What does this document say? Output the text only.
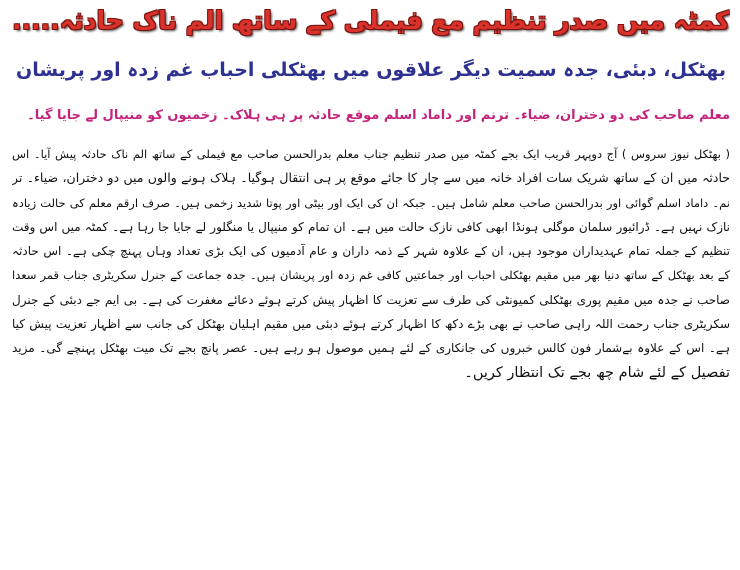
کمٹہ میں صدر تنظیم مع فیملی کے ساتھ الم ناک حادثہ.....
بھٹکل، دبئی، جدہ سمیت دیگر علاقوں میں بھٹکلی احباب غم زدہ اور پریشان
معلم صاحب کی دو دختران، ضیاء۔ ترنم اور داماد اسلم موقع حادثہ پر ہی ہلاک۔ زخمیوں کو منیپال لے جایا گیا۔
( بھٹکل نیوز سروس ) آج دوپہر قریب ایک بجے کمٹہ میں صدر تنظیم جناب معلم بدرالحسن صاحب مع فیملی کے ساتھ الم ناک حادثہ پیش آیا۔ اس
حادثہ میں ان کے ساتھ شریک سات افراد خانہ میں سے چار کا جائے موقع پر ہی انتقال ہوگیا۔ ہلاک ہونے والوں میں دو دختران، ضیاء۔ تر
نم۔ داماد اسلم گوائی اور بدرالحسن صاحب معلم شامل ہیں۔ جبکہ ان کی ایک اور بیٹی اور پوتا شدید زخمی ہیں۔ صرف ارقم معلم کی حالت زیادہ
نازک نہیں ہے۔ ڈرائیور سلمان موگلی ہونڈا ابھی کافی نازک حالت میں ہے۔ ان تمام کو منیپال یا منگلور لے جایا جا رہا ہے۔ کمٹہ میں اس وقت
تنظیم کے جملہ تمام عہدیداران موجود ہیں، ان کے علاوہ شہر کے ذمہ داران و عام آدمیوں کی ایک بڑی تعداد وہاں پہنچ چکی ہے۔ اس حادثہ
کے بعد بھٹکل کے ساتھ دنیا بھر میں مقیم بھٹکلی احباب اور جماعتیں کافی غم زدہ اور پریشان ہیں۔ جدہ جماعت کے جنرل سکریٹری جناب قمر سعدا
صاحب نے جدہ میں مقیم پوری بھٹکلی کمیونٹی کی طرف سے تعزیت کا اظہار پیش کرتے ہوئے دعائے مغفرت کی ہے۔ بی ایم جے دبئی کے جنرل
سکریٹری جناب رحمت اللہ راہی صاحب نے بھی بڑے دکھ کا اظہار کرتے ہوئے دبئی میں مقیم اہلیان بھٹکل کی جانب سے اظہار تعزیت پیش کیا
ہے۔ اس کے علاوہ بےشمار فون کالس خبروں کی جانکاری کے لئے ہمیں موصول ہو رہے ہیں۔ عصر پانچ بجے تک میت بھٹکل پہنچے گی۔ مزید
تفصیل کے لئے شام چھ بجے تک انتظار کریں۔
